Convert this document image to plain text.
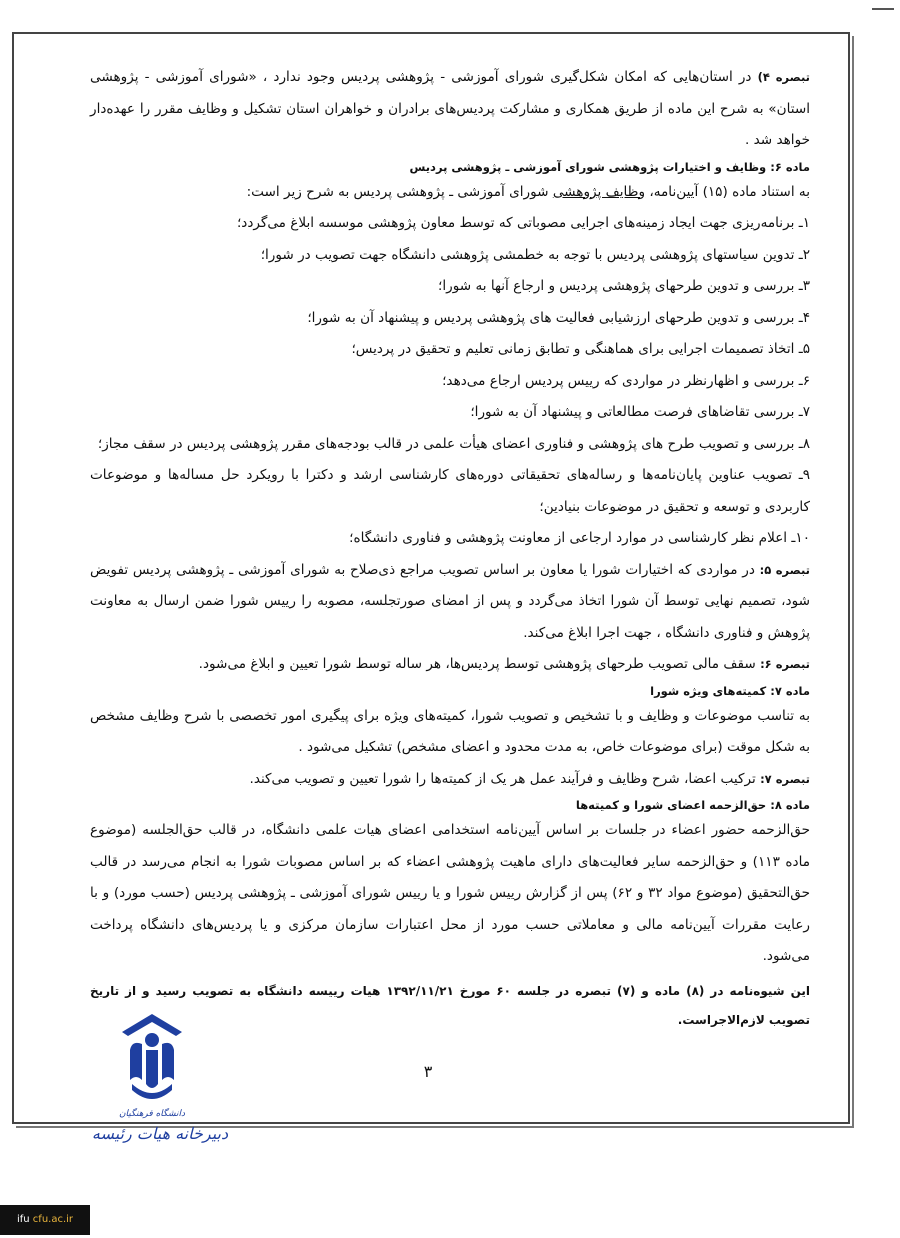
تبصره ۴) در استان‌هایی که امکان شکل‌گیری شورای آموزشی - پژوهشی پردیس وجود ندارد ، «شورای آموزشی - پژوهشی استان» به شرح این ماده از طریق همکاری و مشارکت پردیس‌های برادران و خواهران استان تشکیل و وظایف مقرر را عهده‌دار خواهد شد .

ماده ۶: وظایف و اختیارات پژوهشی شورای آموزشی ـ پژوهشی پردیس

به استناد ماده (۱۵) آیین‌نامه، وظایف پژوهشی شورای آموزشی ـ پژوهشی پردیس به شرح زیر است:

۱ـ برنامه‌ریزی جهت ایجاد زمینه‌های اجرایی مصوباتی که توسط معاون پژوهشی موسسه ابلاغ می‌گردد؛

۲ـ تدوین سیاستهای پژوهشی پردیس با توجه به خطمشی پژوهشی دانشگاه جهت تصویب در شورا؛

۳ـ بررسی و تدوین طرحهای پژوهشی پردیس و ارجاع آنها به شورا؛

۴ـ بررسی و تدوین طرحهای ارزشیابی فعالیت های پژوهشی پردیس و پیشنهاد آن به شورا؛

۵ـ اتخاذ تصمیمات اجرایی برای هماهنگی و تطابق زمانی تعلیم و تحقیق در پردیس؛

۶ـ بررسی و اظهارنظر در مواردی که رییس پردیس ارجاع می‌دهد؛

۷ـ بررسی تقاضاهای فرصت مطالعاتی و پیشنهاد آن به شورا؛

۸ـ بررسی و تصویب طرح های پژوهشی و فناوری اعضای هیأت علمی در قالب بودجه‌های مقرر پژوهشی پردیس در سقف مجاز؛

۹ـ تصویب عناوین پایان‌نامه‌ها و رساله‌های تحقیقاتی دوره‌های کارشناسی ارشد و دکترا با رویکرد حل مساله‌ها و موضوعات کاربردی و توسعه و تحقیق در موضوعات بنیادین؛

۱۰ـ اعلام نظر کارشناسی در موارد ارجاعی از معاونت پژوهشی و فناوری دانشگاه؛

تبصره ۵: در مواردی که اختیارات شورا یا معاون بر اساس تصویب مراجع ذی‌صلاح به شورای آموزشی ـ پژوهشی پردیس تفویض شود، تصمیم نهایی توسط آن شورا اتخاذ می‌گردد و پس از امضای صورتجلسه، مصوبه را رییس شورا ضمن ارسال به معاونت پژوهش و فناوری دانشگاه ، جهت اجرا ابلاغ می‌کند.

تبصره ۶: سقف مالی تصویب طرحهای پژوهشی توسط پردیس‌ها، هر ساله توسط شورا تعیین و ابلاغ می‌شود.

ماده ۷: کمیته‌های ویژه شورا

به تناسب موضوعات و وظایف و با تشخیص و تصویب شورا، کمیته‌های ویژه برای پیگیری امور تخصصی با شرح وظایف مشخص به شکل موقت (برای موضوعات خاص، به مدت محدود و اعضای مشخص) تشکیل می‌شود .

تبصره ۷: ترکیب اعضا، شرح وظایف و فرآیند عمل هر یک از کمیته‌ها را شورا تعیین و تصویب می‌کند.

ماده ۸: حق‌الزحمه اعضای شورا و کمیته‌ها

حق‌الزحمه حضور اعضاء در جلسات بر اساس آیین‌نامه استخدامی اعضای هیات علمی دانشگاه، در قالب حق‌الجلسه (موضوع ماده ۱۱۳) و حق‌الزحمه سایر فعالیت‌های دارای ماهیت پژوهشی اعضاء که بر اساس مصوبات شورا به انجام می‌رسد در قالب حق‌التحقیق (موضوع مواد ۳۲ و ۶۲) پس از گزارش رییس شورا و یا رییس شورای آموزشی ـ پژوهشی پردیس (حسب مورد) و با رعایت مقررات آیین‌نامه مالی و معاملاتی حسب مورد از محل اعتبارات سازمان مرکزی و یا پردیس‌های دانشگاه پرداخت می‌شود.

این شیوه‌نامه در (۸) ماده و (۷) تبصره در جلسه ۶۰ مورخ ۱۳۹۲/۱۱/۲۱ هیات رییسه دانشگاه به تصویب رسید و از تاریخ تصویب لازم‌الاجراست.

۳
دانشگاه فرهنگیان
دبیرخانه هیات رئیسه
ifu cfu.ac.ir
